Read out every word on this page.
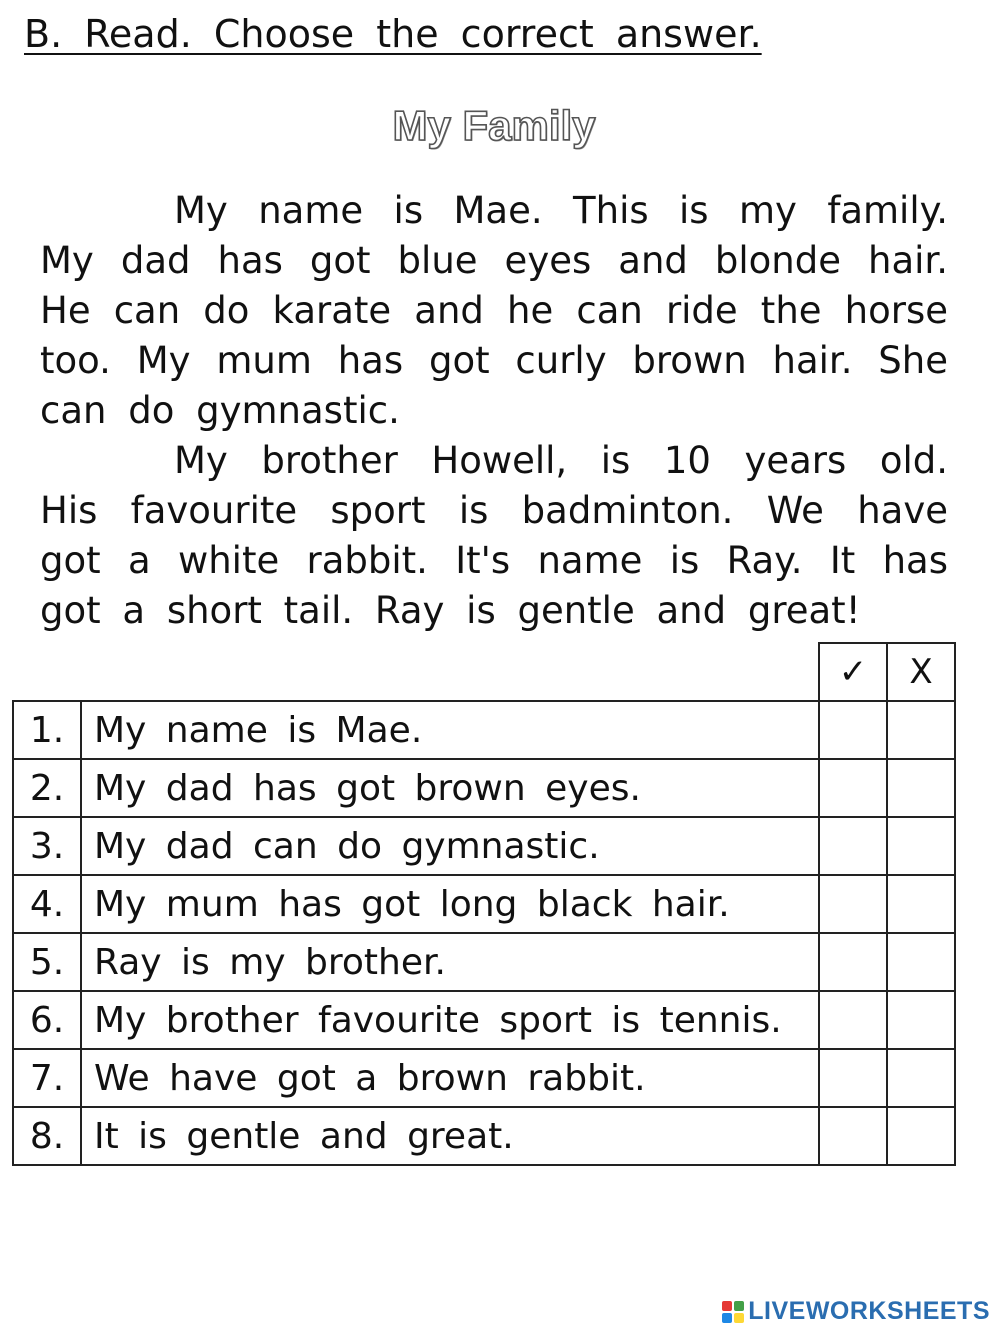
B. Read. Choose the correct answer.
My Family

My name is Mae. This is my family.

My dad has got blue eyes and blonde hair.

He can do karate and he can ride the horse

too. My mum has got curly brown hair. She

can do gymnastic.

My brother Howell, is 10 years old.

His favourite sport is badminton. We have

got a white rabbit. It's name is Ray. It has

got a short tail. Ray is gentle and great!

		✓	X
1.	My name is Mae.		
2.	My dad has got brown eyes.		
3.	My dad can do gymnastic.		
4.	My mum has got long black hair.		
5.	Ray is my brother.		
6.	My brother favourite sport is tennis.		
7.	We have got a brown rabbit.		
8.	It is gentle and great.		
LIVEWORKSHEETS
